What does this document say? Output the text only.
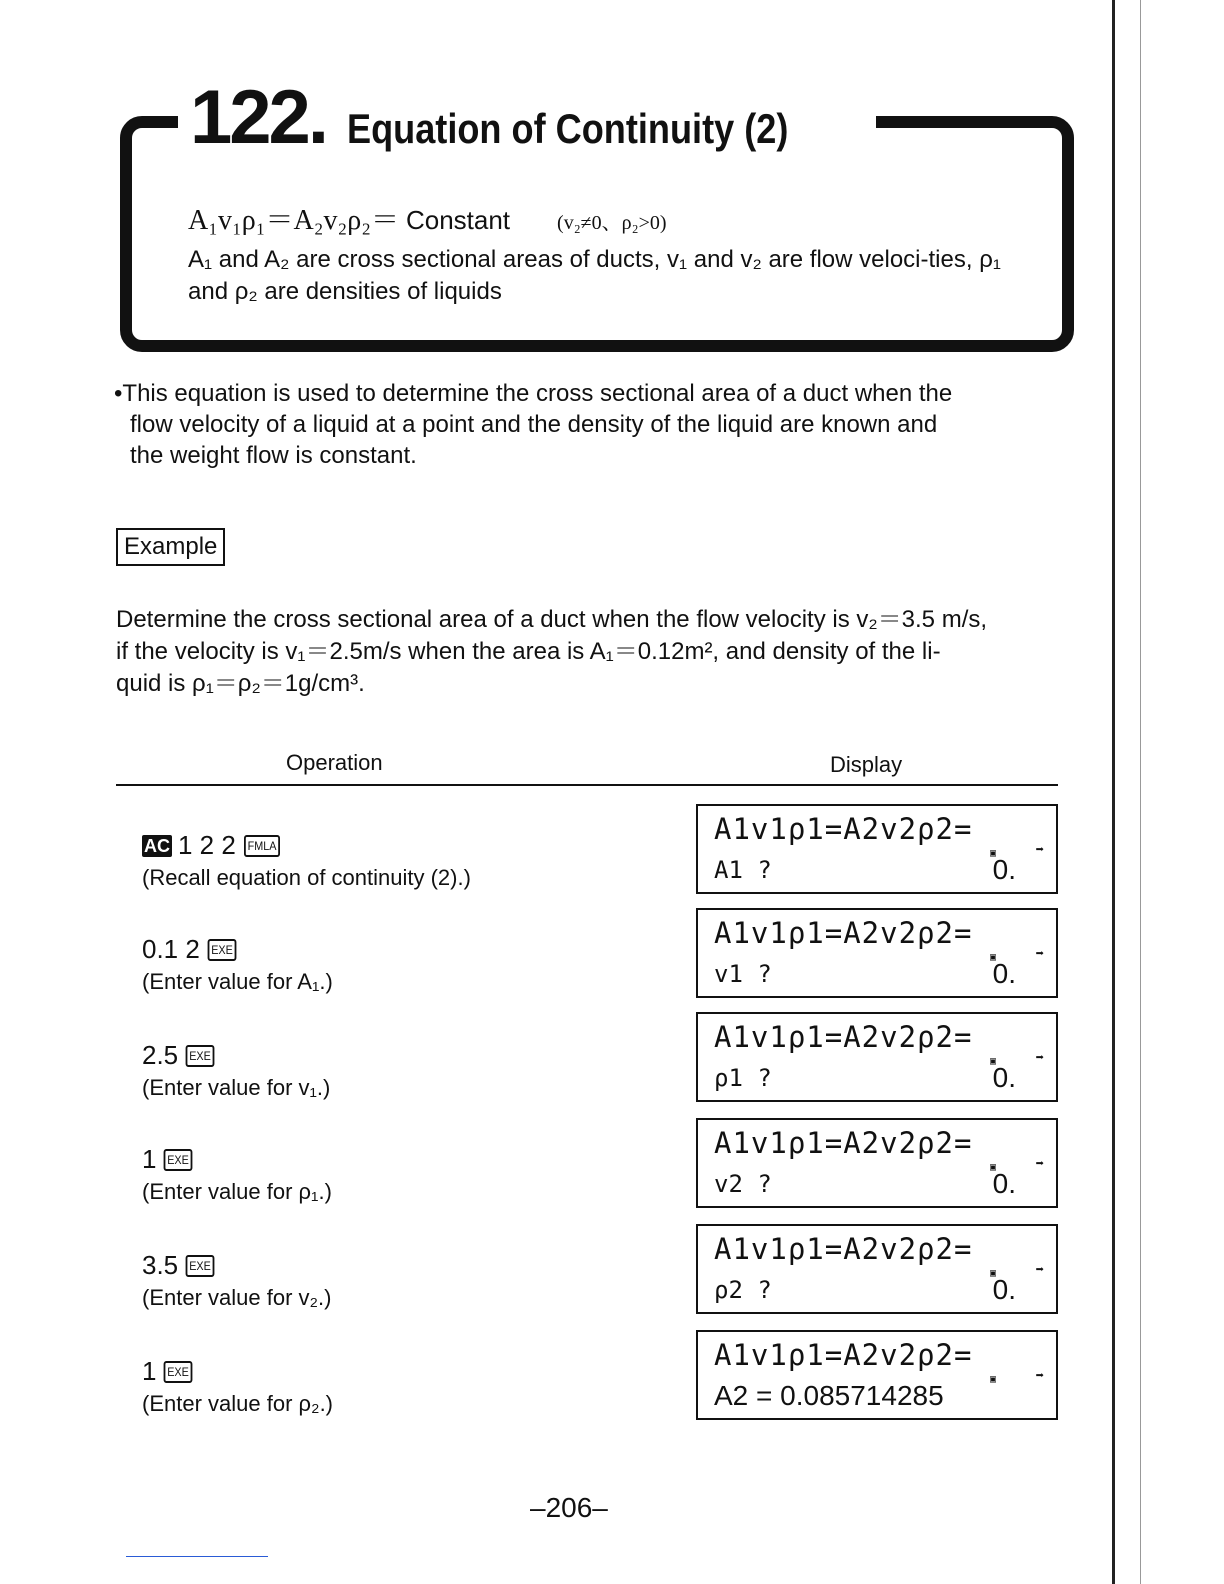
122 . Equation of Continuity (2)
A₁v₁ρ₁＝A₂v₂ρ₂＝ Constant (v₂≠0、ρ₂>0)
A₁ and A₂ are cross sectional areas of ducts, v₁ and v₂ are flow veloci-ties, ρ₁ and ρ₂ are densities of liquids
•This equation is used to determine the cross sectional area of a duct when the
flow velocity of a liquid at a point and the density of the liquid are known and
the weight flow is constant.
Example
Determine the cross sectional area of a duct when the flow velocity is v₂＝3.5 m/s,
if the velocity is v₁＝2.5m/s when the area is A₁＝0.12m², and density of the li-
quid is ρ₁＝ρ₂＝1g/cm³.
Operation	Display
AC 1 2 2 FMLA
(Recall equation of continuity (2).)
A1v1ρ1=A2v2ρ2=
▣	➡
A1 ?	0.
0.1 2 EXE
(Enter value for A₁.)
A1v1ρ1=A2v2ρ2=
▣	➡
v1 ?	0.
2.5 EXE
(Enter value for v₁.)
A1v1ρ1=A2v2ρ2=
▣	➡
ρ1 ?	0.
1 EXE
(Enter value for ρ₁.)
A1v1ρ1=A2v2ρ2=
▣	➡
v2 ?	0.
3.5 EXE
(Enter value for v₂.)
A1v1ρ1=A2v2ρ2=
▣	➡
ρ2 ?	0.
1 EXE
(Enter value for ρ₂.)
A1v1ρ1=A2v2ρ2=
▣	➡
A2 = 0.085714285
–206–
